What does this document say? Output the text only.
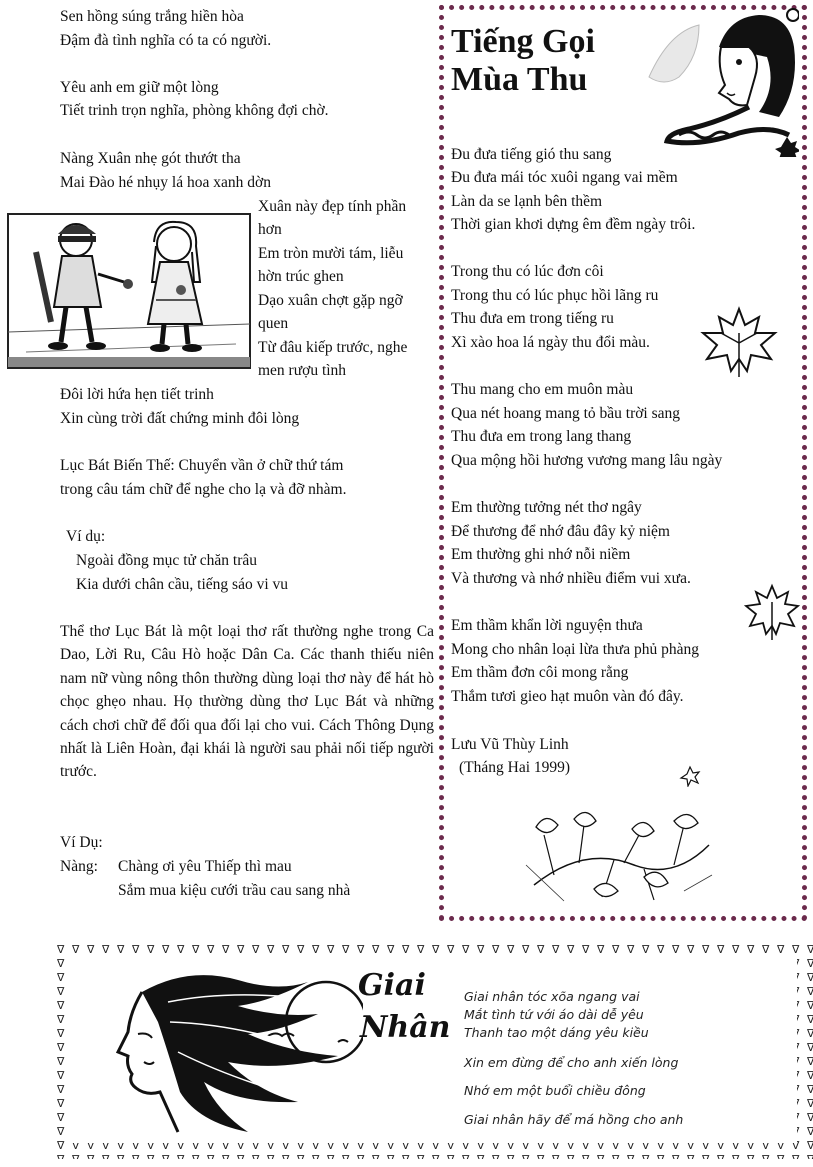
Sen hồng súng trắng hiền hòa
Đậm đà tình nghĩa có ta có người.
Yêu anh em giữ một lòng
Tiết trinh trọn nghĩa, phòng không đợi chờ.
Nàng Xuân nhẹ gót thướt tha
Mai Đào hé nhụy lá hoa xanh dờn
Xuân này đẹp tính phần
hơn
Em tròn mười tám, liễu
hờn trúc ghen
Dạo xuân chợt gặp ngỡ
quen
Từ đâu kiếp trước, nghe
men rượu tình
Đôi lời hứa hẹn tiết trinh
Xin cùng trời đất chứng minh đôi lòng
Lục Bát Biến Thế: Chuyển vần ở chữ thứ tám
trong câu tám chữ để nghe cho lạ và đỡ nhàm.
Ví dụ:
Ngoài đồng mục tử chăn trâu
Kia dưới chân cầu, tiếng sáo vi vu
Thể thơ Lục Bát là một loại thơ rất thường nghe trong Ca Dao, Lời Ru, Câu Hò hoặc Dân Ca. Các thanh thiếu niên nam nữ vùng nông thôn thường dùng loại thơ này để hát hò chọc ghẹo nhau. Họ thường dùng thơ Lục Bát và những cách chơi chữ để đối qua đối lại cho vui. Cách Thông Dụng nhất là Liên Hoàn, đại khái là người sau phải nối tiếp người trước.
Ví Dụ:
Nàng: Chàng ơi yêu Thiếp thì mau
Sắm mua kiệu cưới trầu cau sang nhà
Tiếng Gọi
Mùa Thu
Đu đưa tiếng gió thu sang
Đu đưa mái tóc xuôi ngang vai mềm
Làn da se lạnh bên thềm
Thời gian khơi dựng êm đềm ngày trôi.
Trong thu có lúc đơn côi
Trong thu có lúc phục hồi lãng ru
Thu đưa em trong tiếng ru
Xì xào hoa lá ngày thu đổi màu.
Thu mang cho em muôn màu
Qua nét hoang mang tỏ bầu trời sang
Thu đưa em trong lang thang
Qua mộng hồi hương vương mang lâu ngày
Em thường tưởng nét thơ ngây
Để thương để nhớ đâu đây kỷ niệm
Em thường ghi nhớ nỗi niềm
Và thương và nhớ nhiều điểm vui xưa.
Em thầm khẩn lời nguyện thưa
Mong cho nhân loại lừa thưa phủ phàng
Em thầm đơn côi mong rằng
Thắm tươi gieo hạt muôn vàn đó đây.
Lưu Vũ Thùy Linh
(Tháng Hai 1999)
Giai
Nhân
Giai nhân tóc xõa ngang vai
Mắt tình tứ với áo dài dễ yêu
Thanh tao một dáng yêu kiều
Xin em đừng để cho anh xiến lòng
Nhớ em một buổi chiều đông
Giai nhân hãy để má hồng cho anh
